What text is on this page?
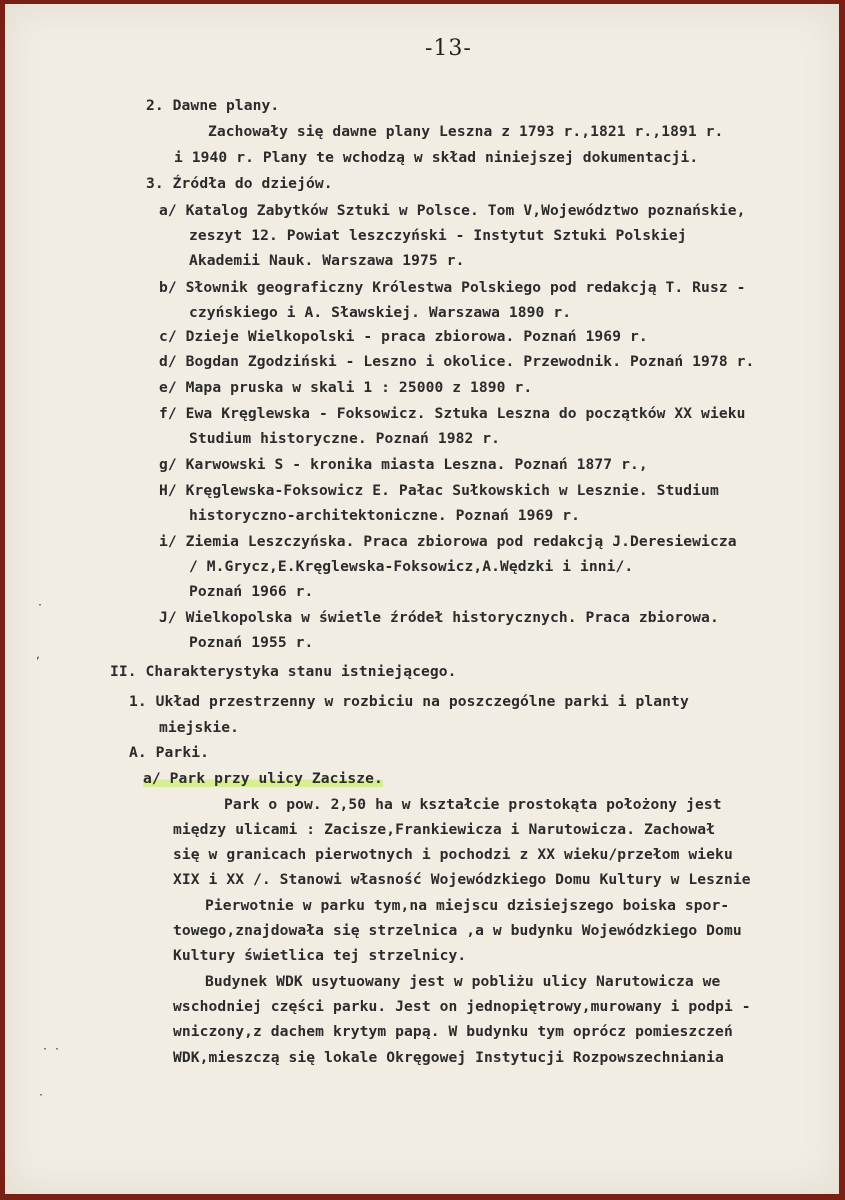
-13-
2. Dawne plany.
Zachowały się dawne plany Leszna z 1793 r.,1821 r.,1891 r.
i 1940 r. Plany te wchodzą w skład niniejszej dokumentacji.
3. Źródła do dziejów.
a/ Katalog Zabytków Sztuki w Polsce. Tom V,Województwo poznańskie,
zeszyt 12. Powiat leszczyński - Instytut Sztuki Polskiej
Akademii Nauk. Warszawa 1975 r.
b/ Słownik geograficzny Królestwa Polskiego pod redakcją T. Rusz -
czyńskiego i A. Sławskiej. Warszawa 1890 r.
c/ Dzieje Wielkopolski - praca zbiorowa. Poznań 1969 r.
d/ Bogdan Zgodziński - Leszno i okolice. Przewodnik. Poznań 1978 r.
e/ Mapa pruska w skali 1 : 25000 z 1890 r.
f/ Ewa Kręglewska - Foksowicz. Sztuka Leszna do początków XX wieku
Studium historyczne. Poznań 1982 r.
g/ Karwowski S - kronika miasta Leszna. Poznań 1877 r.,
H/ Kręglewska-Foksowicz E. Pałac Sułkowskich w Lesznie. Studium
historyczno-architektoniczne. Poznań 1969 r.
i/ Ziemia Leszczyńska. Praca zbiorowa pod redakcją J.Deresiewicza
/ M.Grycz,E.Kręglewska-Foksowicz,A.Wędzki i inni/.
Poznań 1966 r.
J/ Wielkopolska w świetle źródeł historycznych. Praca zbiorowa.
Poznań 1955 r.
II. Charakterystyka stanu istniejącego.
1. Układ przestrzenny w rozbiciu na poszczególne parki i planty
miejskie.
A. Parki.
a/ Park przy ulicy Zacisze.
Park o pow. 2,50 ha w kształcie prostokąta położony jest
między ulicami : Zacisze,Frankiewicza i Narutowicza. Zachował
się w granicach pierwotnych i pochodzi z XX wieku/przełom wieku
XIX i XX /. Stanowi własność Wojewódzkiego Domu Kultury w Lesznie
Pierwotnie w parku tym,na miejscu dzisiejszego boiska spor-
towego,znajdowała się strzelnica ,a w budynku Wojewódzkiego Domu
Kultury świetlica tej strzelnicy.
Budynek WDK usytuowany jest w pobliżu ulicy Narutowicza we
wschodniej części parku. Jest on jednopiętrowy,murowany i podpi -
wniczony,z dachem krytym papą. W budynku tym oprócz pomieszczeń
WDK,mieszczą się lokale Okręgowej Instytucji Rozpowszechniania
·
‚
· ·
·
